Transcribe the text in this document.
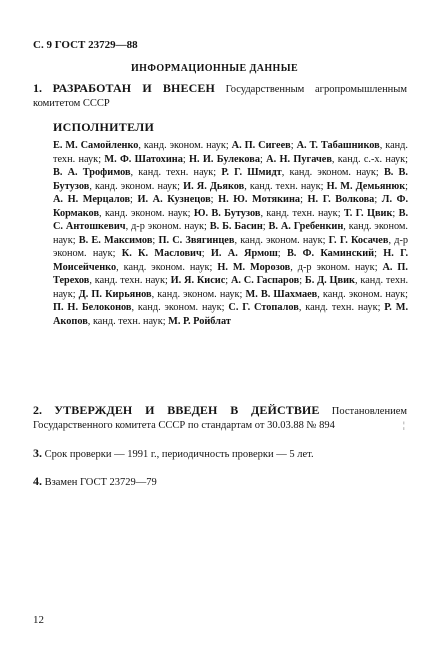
С. 9 ГОСТ 23729—88
ИНФОРМАЦИОННЫЕ ДАННЫЕ
1. РАЗРАБОТАН И ВНЕСЕН Государственным агропромышленным комитетом СССР
ИСПОЛНИТЕЛИ

Е. М. Самойленко, канд. эконом. наук; А. П. Сигеев; А. Т. Табашников, канд. техн. наук; М. Ф. Шатохина; Н. И. Булекова; А. Н. Пугачев, канд. с.-х. наук; В. А. Трофимов, канд. техн. наук; Р. Г. Шмидт, канд. эконом. наук; В. В. Бутузов, канд. эконом. наук; И. Я. Дьяков, канд. техн. наук; Н. М. Демьянюк; А. Н. Мерцалов; И. А. Кузнецов; Н. Ю. Мотякина; Н. Г. Волкова; Л. Ф. Кормаков, канд. эконом. наук; Ю. В. Бутузов, канд. техн. наук; Т. Г. Цвик; В. С. Антошкевич, д-р эконом. наук; В. Б. Басин; В. А. Гребенкин, канд. эконом. наук; В. Е. Максимов; П. С. Звягинцев, канд. эконом. наук; Г. Г. Косачев, д-р эконом. наук; К. К. Маслович; И. А. Ярмош; В. Ф. Каминский; Н. Г. Моисейченко, канд. эконом. наук; Н. М. Морозов, д-р эконом. наук; А. П. Терехов, канд. техн. наук; И. Я. Кисис; А. С. Гаспаров; Б. Д. Цвик, канд. техн. наук; Д. П. Кирьянов, канд. эконом. наук; М. В. Шахмаев, канд. эконом. наук; П. Н. Белоконов, канд. эконом. наук; С. Г. Стопалов, канд. техн. наук; Р. М. Акопов, канд. техн. наук; М. Р. Ройблат

2. УТВЕРЖДЕН И ВВЕДЕН В ДЕЙСТВИЕ Постановлением Государственного комитета СССР по стандартам от 30.03.88 № 894
3. Срок проверки — 1991 г., периодичность проверки — 5 лет.
4. Взамен ГОСТ 23729—79
¦
12
